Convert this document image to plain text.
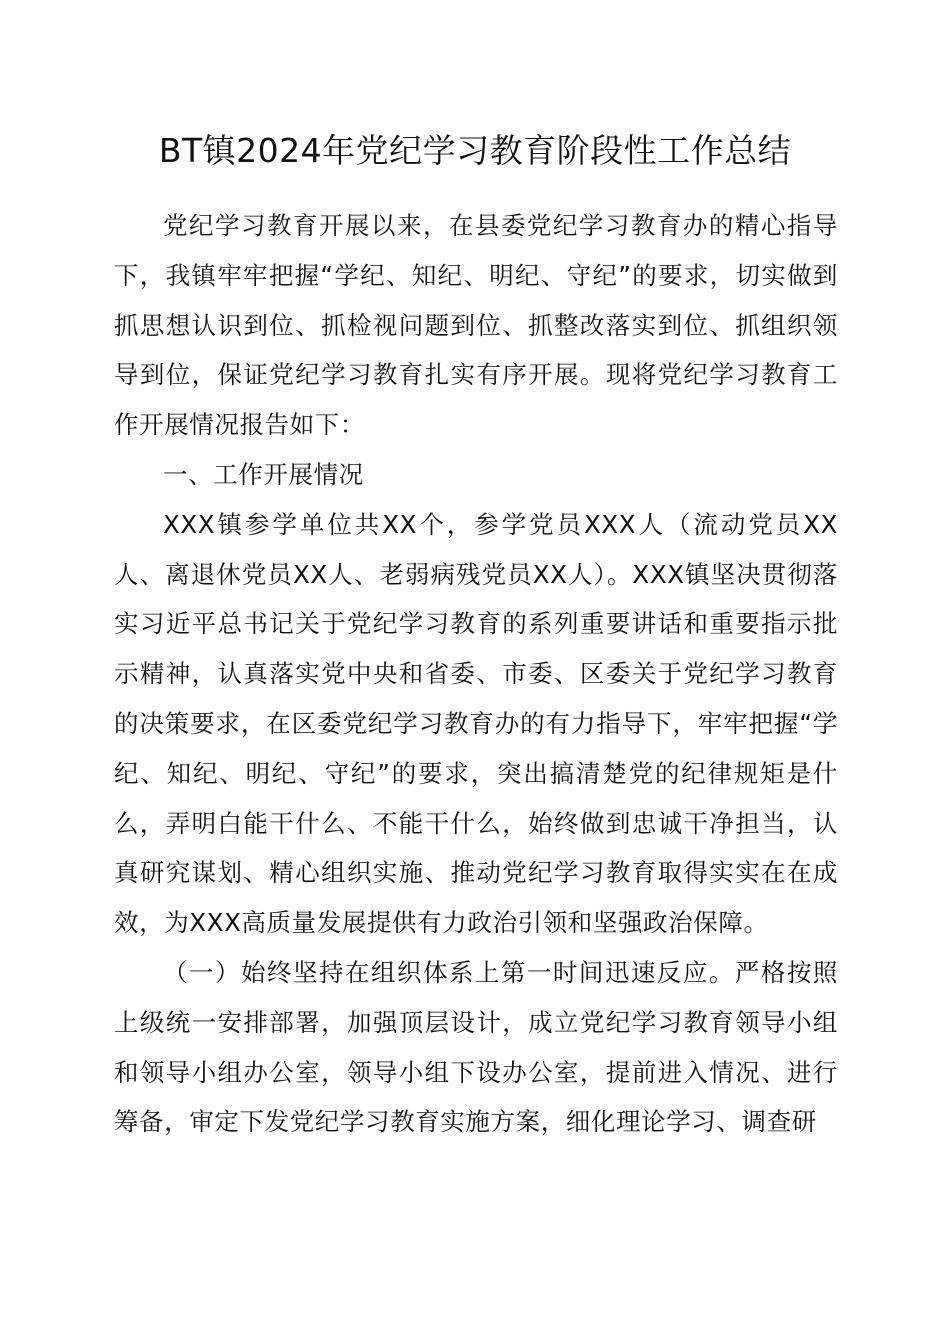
BT镇2024年党纪学习教育阶段性工作总结

党纪学习教育开展以来，在县委党纪学习教育办的精心指导下，我镇牢牢把握“学纪、知纪、明纪、守纪”的要求，切实做到抓思想认识到位、抓检视问题到位、抓整改落实到位、抓组织领导到位，保证党纪学习教育扎实有序开展。现将党纪学习教育工作开展情况报告如下：

一、工作开展情况

XXX镇参学单位共XX个，参学党员XXX人（流动党员XX人、离退休党员XX人、老弱病残党员XX人）。XXX镇坚决贯彻落实习近平总书记关于党纪学习教育的系列重要讲话和重要指示批示精神，认真落实党中央和省委、市委、区委关于党纪学习教育的决策要求，在区委党纪学习教育办的有力指导下，牢牢把握“学纪、知纪、明纪、守纪”的要求，突出搞清楚党的纪律规矩是什么，弄明白能干什么、不能干什么，始终做到忠诚干净担当，认真研究谋划、精心组织实施、推动党纪学习教育取得实实在在成效，为XXX高质量发展提供有力政治引领和坚强政治保障。

（一）始终坚持在组织体系上第一时间迅速反应。严格按照上级统一安排部署，加强顶层设计，成立党纪学习教育领导小组和领导小组办公室，领导小组下设办公室，提前进入情况、进行筹备，审定下发党纪学习教育实施方案，细化理论学习、调查研
